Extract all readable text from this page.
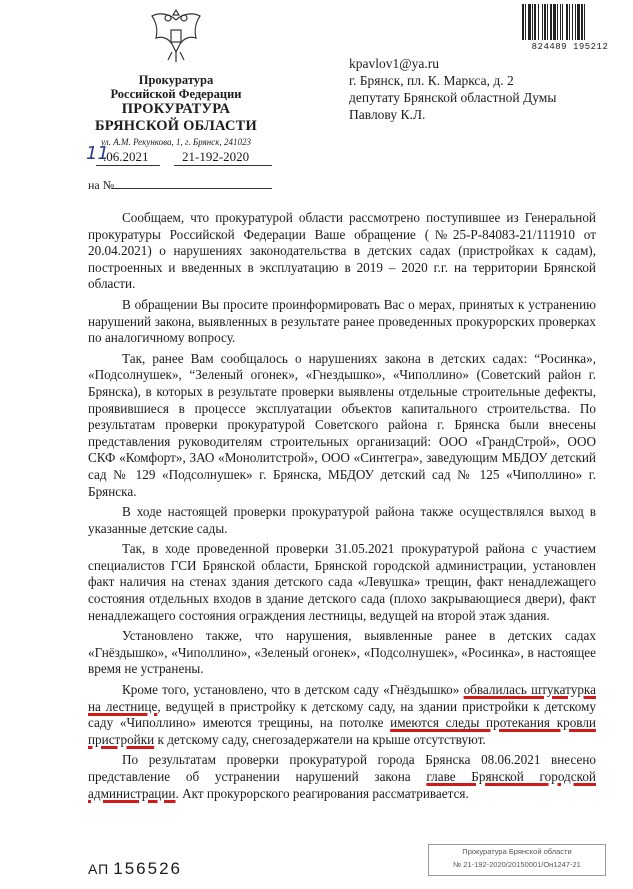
Прокуратура
Российской Федерации
ПРОКУРАТУРА
БРЯНСКОЙ ОБЛАСТИ
ул. А.М. Рекункова, 1, г. Брянск, 241023
11
.06.2021	21-192-2020
на №
824489 195212
kpavlov1@ya.ru
г. Брянск, пл. К. Маркса, д. 2
депутату Брянской областной Думы
Павлову К.Л.

Сообщаем, что прокуратурой области рассмотрено поступившее из Генеральной прокуратуры Российской Федерации Ваше обращение (№25-Р-84083-21/111910 от 20.04.2021) о нарушениях законодательства в детских садах (пристройках к садам), построенных и введенных в эксплуатацию в 2019 – 2020 г.г. на территории Брянской области.

В обращении Вы просите проинформировать Вас о мерах, принятых к устранению нарушений закона, выявленных в результате ранее проведенных прокурорских проверках по аналогичному вопросу.

Так, ранее Вам сообщалось о нарушениях закона в детских садах: “Росинка», «Подсолнушек», “Зеленый огонек», «Гнездышко», «Чиполлино» (Советский район г. Брянска), в которых в результате проверки выявлены отдельные строительные дефекты, проявившиеся в процессе эксплуатации объектов капитального строительства. По результатам проверки прокуратурой Советского района г. Брянска были внесены представления руководителям строительных организаций: ООО «ГрандСтрой», ООО СКФ «Комфорт», ЗАО «Монолитстрой», ООО «Синтегра», заведующим МБДОУ детский сад № 129 «Подсолнушек» г. Брянска, МБДОУ детский сад № 125 «Чиполлино» г. Брянска.

В ходе настоящей проверки прокуратурой района также осуществлялся выход в указанные детские сады.

Так, в ходе проведенной проверки 31.05.2021 прокуратурой района с участием специалистов ГСИ Брянской области, Брянской городской администрации, установлен факт наличия на стенах здания детского сада «Левушка» трещин, факт ненадлежащего состояния отдельных входов в здание детского сада (плохо закрывающиеся двери), факт ненадлежащего состояния ограждения лестницы, ведущей на второй этаж здания.

Установлено также, что нарушения, выявленные ранее в детских садах «Гнёздышко», «Чиполлино», «Зеленый огонек», «Подсолнушек», «Росинка», в настоящее время не устранены.

Кроме того, установлено, что в детском саду «Гнёздышко» обвалилась штукатурка на лестнице, ведущей в пристройку к детскому саду, на здании пристройки к детскому саду «Чиполлино» имеются трещины, на потолке имеются следы протекания кровли пристройки к детскому саду, снегозадержатели на крыше отсутствуют.

По результатам проверки прокуратурой города Брянска 08.06.2021 внесено представление об устранении нарушений закона главе Брянской городской администрации. Акт прокурорского реагирования рассматривается.

АП 156526
Прокуратура Брянской области
№ 21-192-2020/20150001/Он1247-21
